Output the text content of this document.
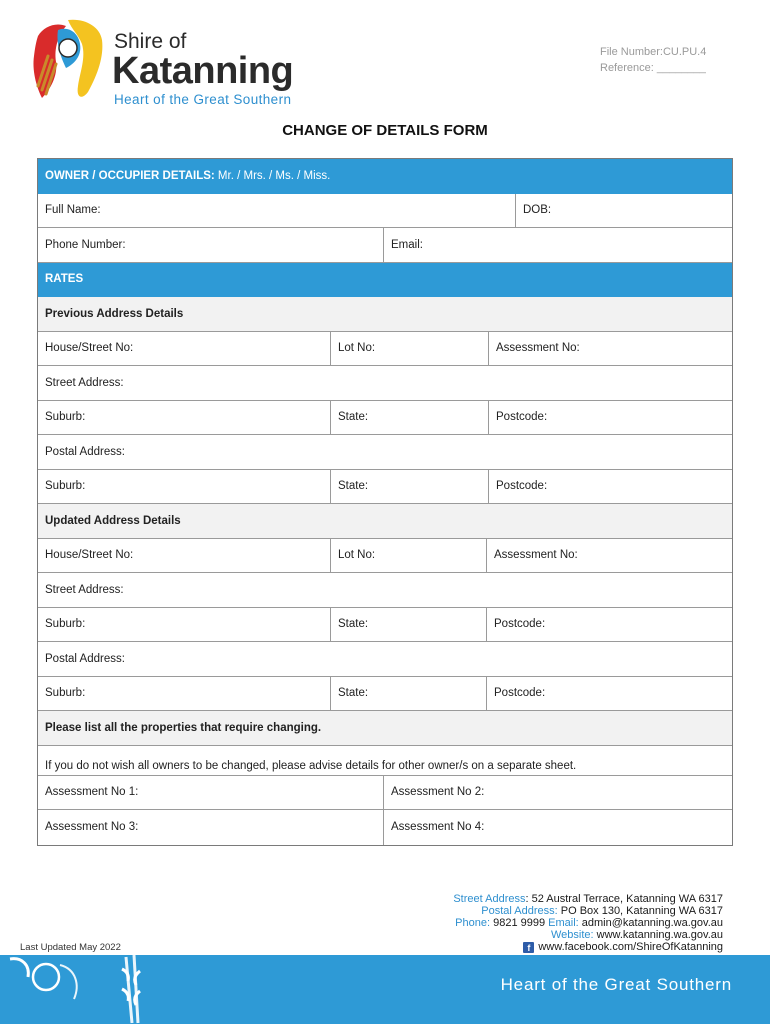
Shire of
Katanning
Heart of the Great Southern
File Number:CU.PU.4
Reference: ________
CHANGE OF DETAILS FORM
OWNER / OCCUPIER DETAILS: Mr. / Mrs. / Ms. / Miss.
Full Name:	DOB:
Phone Number:	Email:
RATES
Previous Address Details
House/Street No:	Lot No:	Assessment No:
Street Address:
Suburb:	State:	Postcode:
Postal Address:
Suburb:	State:	Postcode:
Updated Address Details
House/Street No:	Lot No:	Assessment No:
Street Address:
Suburb:	State:	Postcode:
Postal Address:
Suburb:	State:	Postcode:
Please list all the properties that require changing.
If you do not wish all owners to be changed, please advise details for other owner/s on a separate sheet.
Assessment No 1:	Assessment No 2:
Assessment No 3:	Assessment No 4:
Street Address: 52 Austral Terrace, Katanning WA 6317
Postal Address: PO Box 130, Katanning WA 6317
Phone: 9821 9999 Email: admin@katanning.wa.gov.au
Website: www.katanning.wa.gov.au
f www.facebook.com/ShireOfKatanning
Last Updated May 2022
Heart of the Great Southern
